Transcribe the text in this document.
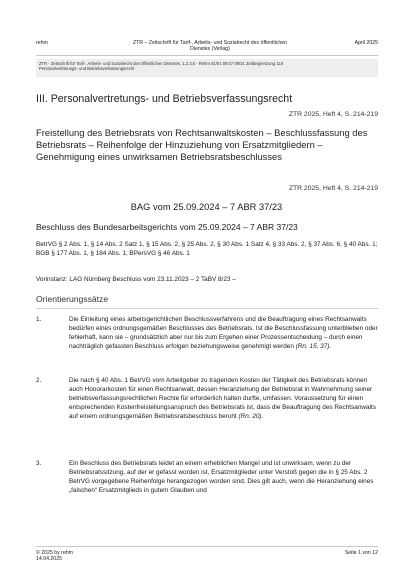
rehm	ZTR – Zeitschrift für Tarif-, Arbeits- und Sozialrecht des öffentlichen
Dienstes (Verlag)
April 2025
ZTR - Zeitschrift für Tarif-, Arbeits- und Sozialrecht des öffentlichen Dienstes, 1.2.3.5 - Rehm 01/01 09:07 09/31 Zeitbegrenzung 118
Personalvertretungs- und Betriebsverfassungsrecht
III. Personalvertretungs- und Betriebsverfassungsrecht
ZTR 2025, Heft 4, S. 214-219
Freistellung des Betriebsrats von Rechtsanwaltskosten – Beschlussfassung des Betriebsrats – Reihenfolge der Hinzuziehung von Ersatzmitgliedern – Genehmigung eines unwirksamen Betriebsratsbeschlusses
ZTR 2025, Heft 4, S. 214-219
BAG vom 25.09.2024 – 7 ABR 37/23
Beschluss des Bundesarbeitsgerichts vom 25.09.2024 – 7 ABR 37/23
BetrVG § 2 Abs. 1, § 14 Abs. 2 Satz 1, § 15 Abs. 2, § 25 Abs. 2, § 30 Abs. 1 Satz 4, § 33 Abs. 2, § 37 Abs. 6, § 40 Abs. 1; BGB § 177 Abs. 1, § 184 Abs. 1; BPersVG § 46 Abs. 1
Vorinstanz: LAG Nürnberg Beschluss vom 23.11.2023 – 2 TaBV 8/23 –
Orientierungssätze
1.	Die Einleitung eines arbeitsgerichtlichen Beschlussverfahrens und die Beauftragung eines Rechtsanwalts bedürfen eines ordnungsgemäßen Beschlusses des Betriebsrats. Ist die Beschlussfassung unterblieben oder fehlerhaft, kann sie – grundsätzlich aber nur bis zum Ergehen einer Prozessentscheidung – durch einen nachträglich gefassten Beschluss erfolgen beziehungsweise genehmigt werden (Rn. 15, 37).
2.	Die nach § 40 Abs. 1 BetrVG vom Arbeitgeber zu tragenden Kosten der Tätigkeit des Betriebsrats können auch Honorarkosten für einen Rechtsanwalt, dessen Heranziehung der Betriebsrat in Wahrnehmung seiner betriebsverfassungsrechtlichen Rechte für erforderlich halten durfte, umfassen. Voraussetzung für einen entsprechenden Kostenfreistellungsanspruch des Betriebsrats ist, dass die Beauftragung des Rechtsanwalts auf einem ordnungsgemäßen Betriebsratsbeschluss beruht (Rn. 20).
3.	Ein Beschluss des Betriebsrats leidet an einem erheblichen Mangel und ist unwirksam, wenn zu der Betriebsratssitzung, auf der er gefasst worden ist, Ersatzmitglieder unter Verstoß gegen die in § 25 Abs. 2 BetrVG vorgegebene Reihenfolge herangezogen worden sind. Dies gilt auch, wenn die Heranziehung eines „falschen“ Ersatzmitglieds in gutem Glauben und
© 2025 by rehm
14.04.2025
Seite 1 von 12
